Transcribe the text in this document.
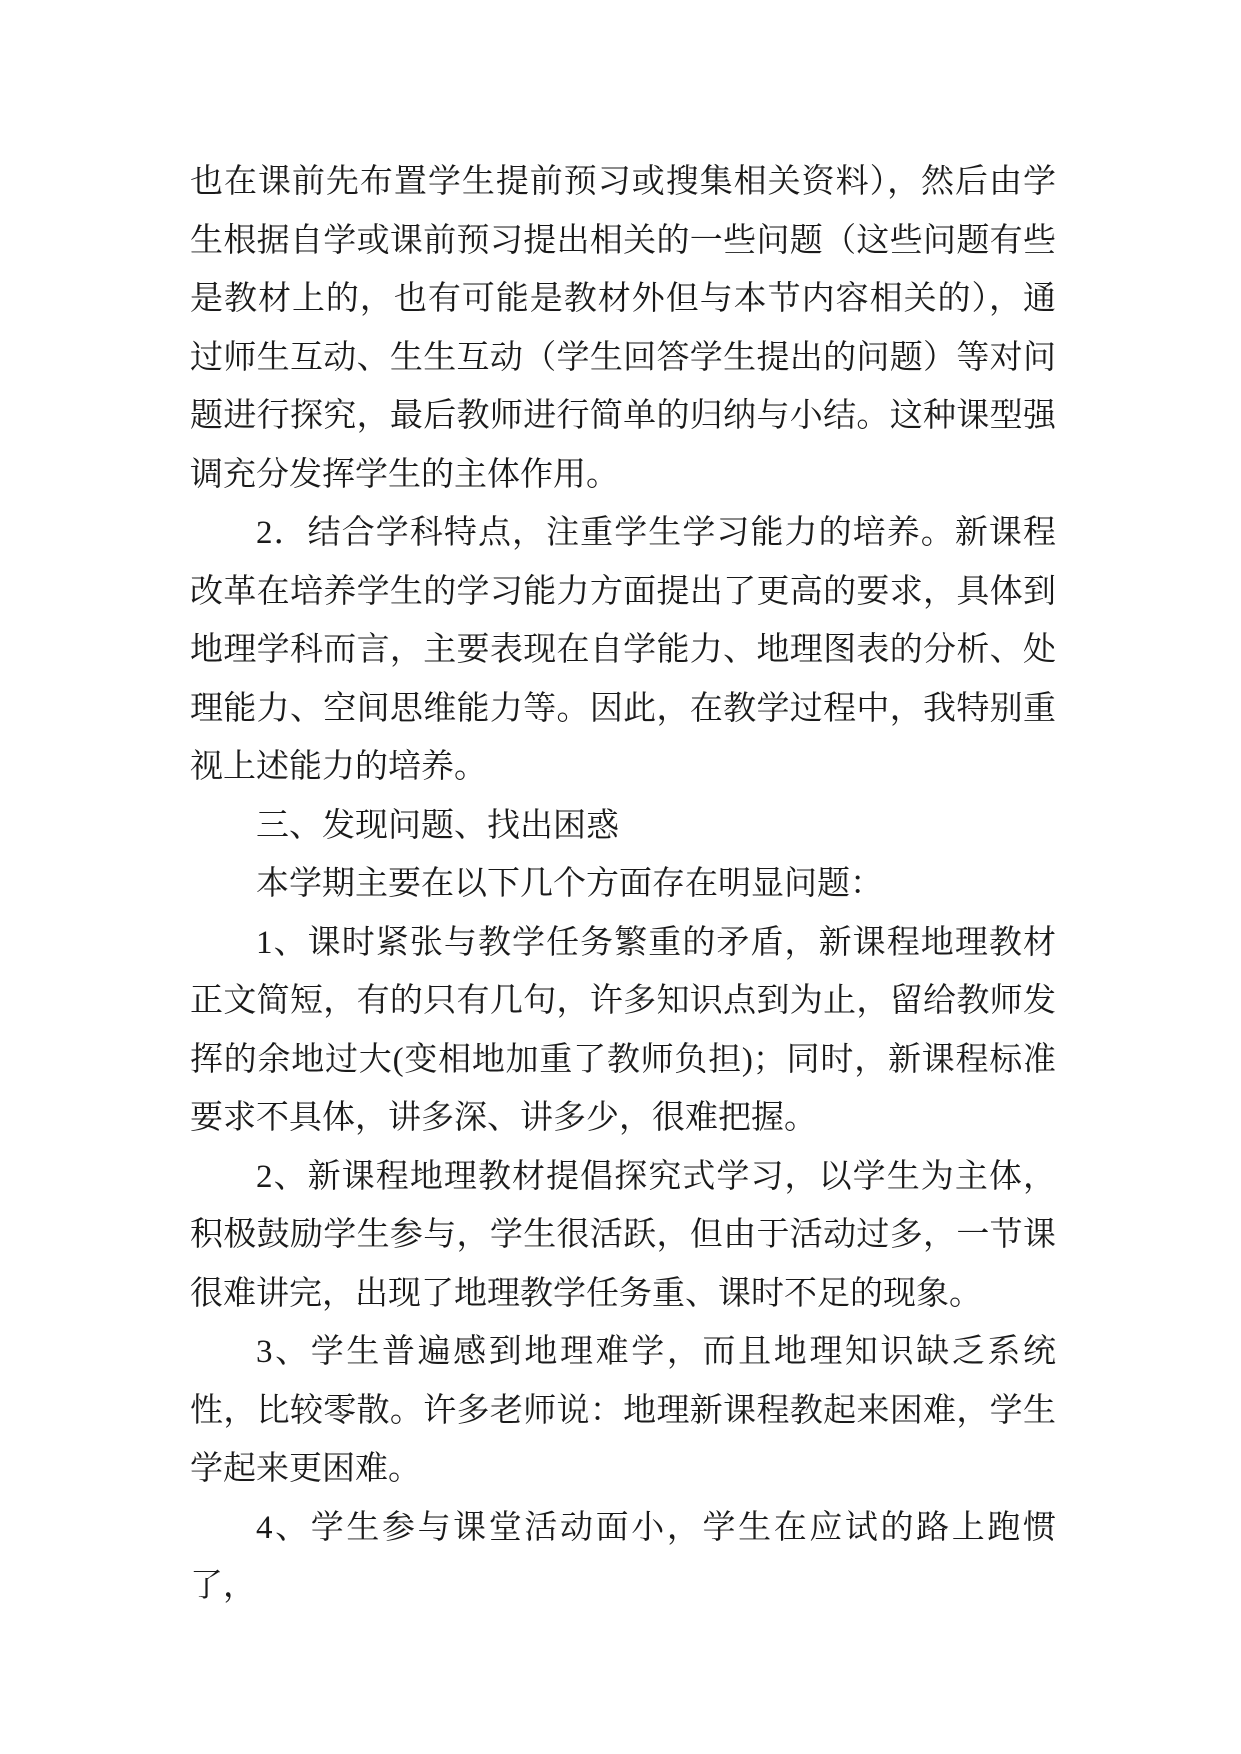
也在课前先布置学生提前预习或搜集相关资料），然后由学生根据自学或课前预习提出相关的一些问题（这些问题有些是教材上的，也有可能是教材外但与本节内容相关的），通过师生互动、生生互动（学生回答学生提出的问题）等对问题进行探究，最后教师进行简单的归纳与小结。这种课型强调充分发挥学生的主体作用。

2．结合学科特点，注重学生学习能力的培养。新课程改革在培养学生的学习能力方面提出了更高的要求，具体到地理学科而言，主要表现在自学能力、地理图表的分析、处理能力、空间思维能力等。因此，在教学过程中，我特别重视上述能力的培养。

三、发现问题、找出困惑

本学期主要在以下几个方面存在明显问题：

1、课时紧张与教学任务繁重的矛盾，新课程地理教材正文简短，有的只有几句，许多知识点到为止，留给教师发挥的余地过大(变相地加重了教师负担)；同时，新课程标准要求不具体，讲多深、讲多少，很难把握。

2、新课程地理教材提倡探究式学习，以学生为主体，积极鼓励学生参与，学生很活跃，但由于活动过多，一节课很难讲完，出现了地理教学任务重、课时不足的现象。

3、学生普遍感到地理难学，而且地理知识缺乏系统性，比较零散。许多老师说：地理新课程教起来困难，学生学起来更困难。

4、学生参与课堂活动面小，学生在应试的路上跑惯了，
